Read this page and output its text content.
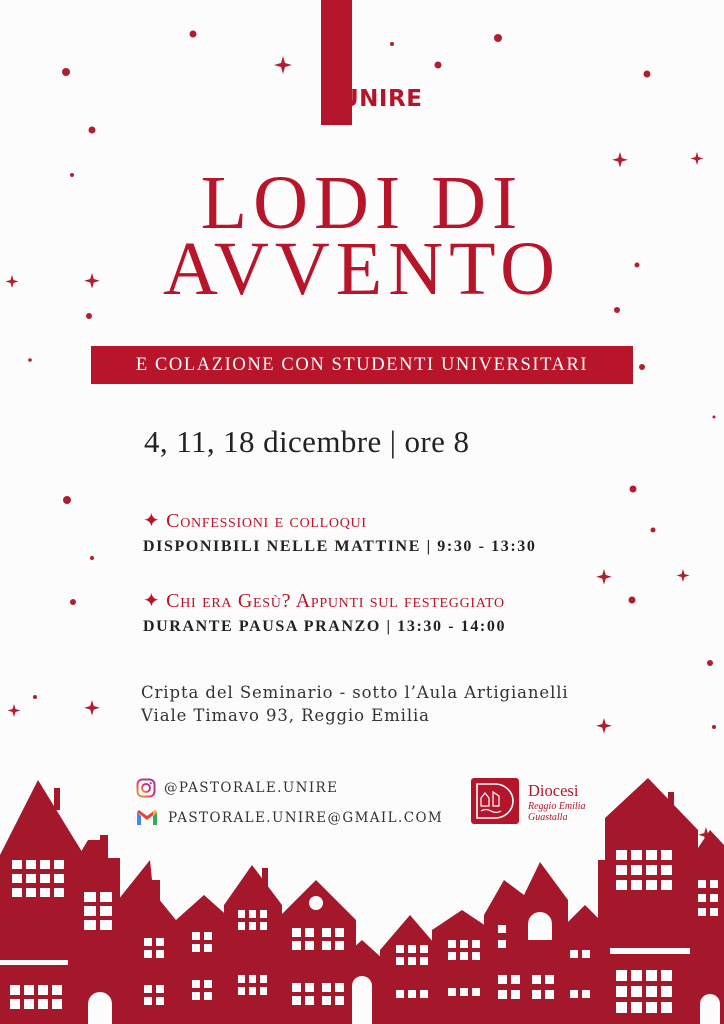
UNIRE
LODI DI
AVVENTO
E COLAZIONE CON STUDENTI UNIVERSITARI
4, 11, 18 dicembre | ore 8
✦ Confessioni e colloqui
DISPONIBILI NELLE MATTINE | 9:30 - 13:30
✦ Chi era Gesù? Appunti sul festeggiato
DURANTE PAUSA PRANZO | 13:30 - 14:00
Cripta del Seminario - sotto l’Aula Artigianelli
Viale Timavo 93, Reggio Emilia
@PASTORALE.UNIRE
PASTORALE.UNIRE@GMAIL.COM
Diocesi
Reggio Emilia
Guastalla
